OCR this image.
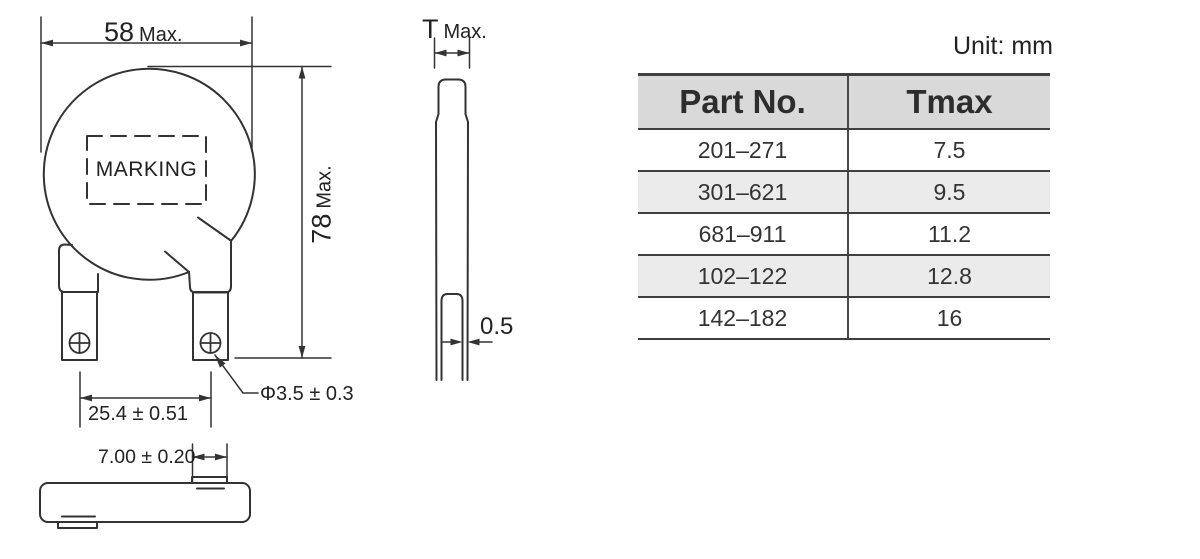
58 Max.
78
Max.
MARKING
25.4 ± 0.51
Φ3.5 ± 0.3
T Max.
0.5
7.00 ± 0.20
Unit: mm
Part No.	Tmax
201–271	7.5
301–621	9.5
681–911	11.2
102–122	12.8
142–182	16
